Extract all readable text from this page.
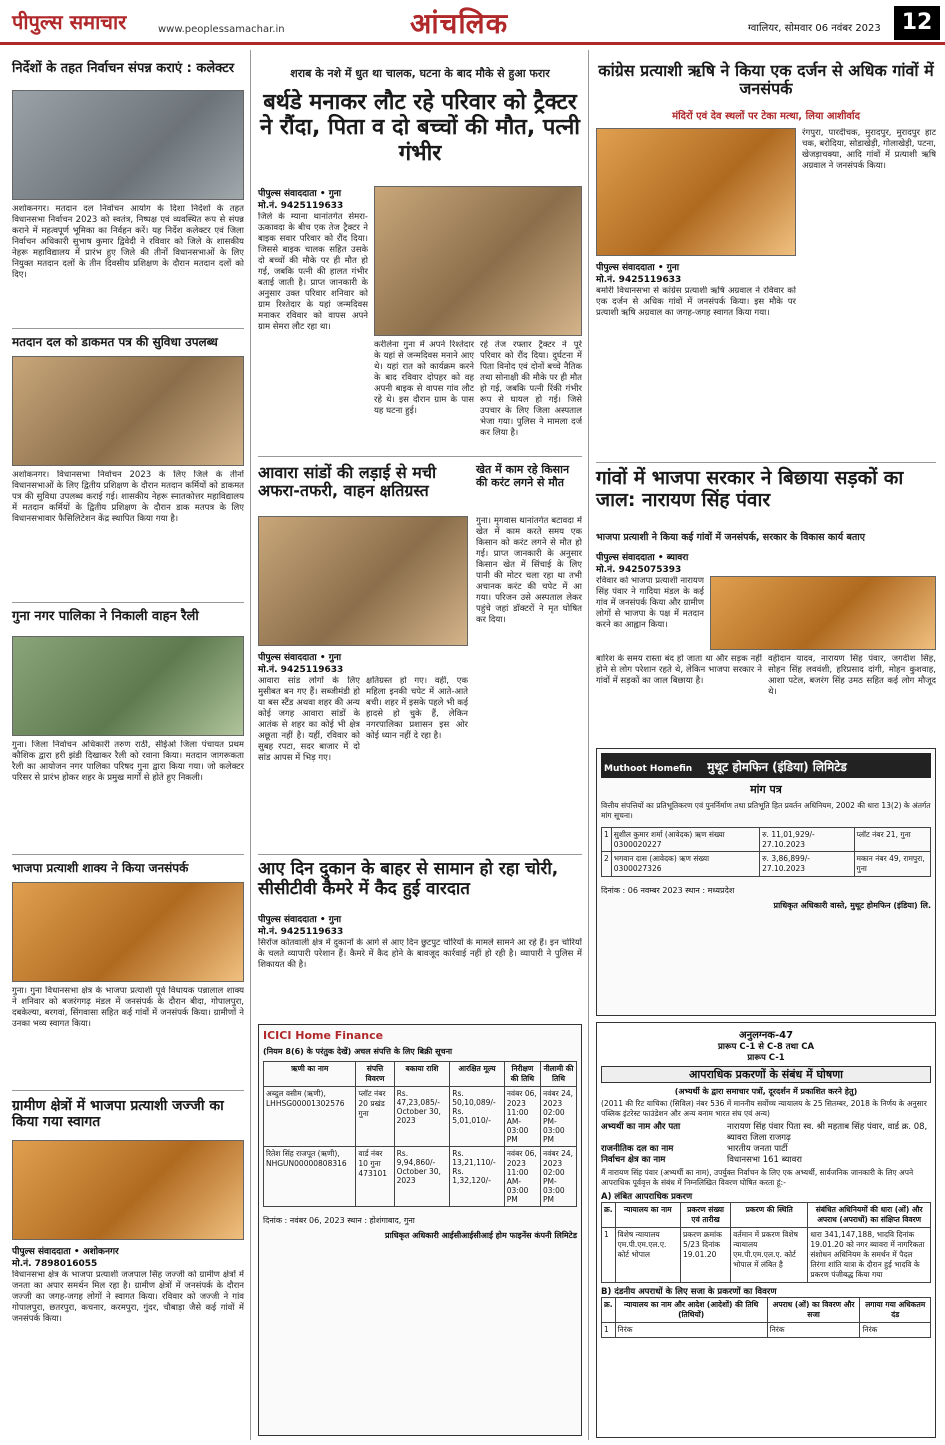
पीपुल्स समाचार	www.peoplessamachar.in	आंचलिक	ग्वालियर, सोमवार 06 नवंबर 2023 12
निर्देशों के तहत निर्वाचन संपन्न कराएं : कलेक्टर
अशोकनगर। मतदान दल निर्वाचन आयोग के दिशा निर्देशों के तहत विधानसभा निर्वाचन 2023 को स्वतंत्र, निष्पक्ष एवं व्यवस्थित रूप से संपन्न कराने में महत्वपूर्ण भूमिका का निर्वहन करें। यह निर्देश कलेक्टर एवं जिला निर्वाचन अधिकारी सुभाष कुमार द्विवेदी ने रविवार को जिले के शासकीय नेहरू महाविद्यालय में प्रारंभ हुए जिले की तीनों विधानसभाओं के लिए नियुक्त मतदान दलों के तीन दिवसीय प्रशिक्षण के दौरान मतदान दलों को दिए।
मतदान दल को डाकमत पत्र की सुविधा उपलब्ध
अशोकनगर। विधानसभा निर्वाचन 2023 के लिए जिले के तीनों विधानसभाओं के लिए द्वितीय प्रशिक्षण के दौरान मतदान कर्मियों को डाकमत पत्र की सुविधा उपलब्ध कराई गई। शासकीय नेहरू स्नातकोत्तर महाविद्यालय में मतदान कर्मियों के द्वितीय प्रशिक्षण के दौरान डाक मतपत्र के लिए विधानसभावार फैसिलिटेशन केंद्र स्थापित किया गया है।
गुना नगर पालिका ने निकाली वाहन रैली
गुना। जिला निर्वाचन अधिकारी तरुण राठी, सीईओ जिला पंचायत प्रथम कौशिक द्वारा हरी झंडी दिखाकर रैली को रवाना किया। मतदान जागरूकता रैली का आयोजन नगर पालिका परिषद गुना द्वारा किया गया। जो कलेक्टर परिसर से प्रारंभ होकर शहर के प्रमुख मार्गों से होते हुए निकली।
भाजपा प्रत्याशी शाक्य ने किया जनसंपर्क
गुना। गुना विधानसभा क्षेत्र के भाजपा प्रत्याशी पूर्व विधायक पन्नालाल शाक्य ने शनिवार को बजरंगगढ़ मंडल में जनसंपर्क के दौरान बीदा, गोपालपुरा, दबकेल्या, बरगवां, सिंगवासा सहित कई गांवों में जनसंपर्क किया। ग्रामीणों ने उनका भव्य स्वागत किया।
ग्रामीण क्षेत्रों में भाजपा प्रत्याशी जज्जी का किया गया स्वागत
पीपुल्स संवाददाता • अशोकनगर
मो.नं. 7898016055
विधानसभा क्षेत्र के भाजपा प्रत्याशी जजपाल सिंह जज्जी को ग्रामीण क्षेत्रों में जनता का अपार समर्थन मिल रहा है। ग्रामीण क्षेत्रों में जनसंपर्क के दौरान जज्जी का जगह-जगह लोगों ने स्वागत किया। रविवार को जज्जी ने गांव गोपालपुरा, छतरपुरा, कचनार, करमपुरा, गुंदर, चौबाड़ा जैसे कई गांवों में जनसंपर्क किया।
शराब के नशे में धुत था चालक, घटना के बाद मौके से हुआ फरार
बर्थडे मनाकर लौट रहे परिवार को ट्रैक्टर ने रौंदा, पिता व दो बच्चों की मौत, पत्नी गंभीर
पीपुल्स संवाददाता • गुना
मो.नं. 9425119633
जिले के म्याना थानांतर्गत सेमरा-ऊकावदा के बीच एक तेज ट्रैक्टर ने बाइक सवार परिवार को रौंद दिया। जिससे बाइक चालक सहित उसके दो बच्चों की मौके पर ही मौत हो गई, जबकि पत्नी की हालत गंभीर बताई जाती है। प्राप्त जानकारी के अनुसार उक्त परिवार शनिवार को ग्राम रिश्तेदार के यहां जन्मदिवस मनाकर रविवार को वापस अपने ग्राम सेमरा लौट रहा था।
करीलेना गुना में अपने रिश्तेदार के यहां से जन्मदिवस मनाने आए थे। यहां रात को कार्यक्रम करने के बाद रविवार दोपहर को वह अपनी बाइक से वापस गांव लौट रहे थे। इस दौरान ग्राम के पास यह घटना हुई।
रहे तेज रफ्तार ट्रैक्टर ने पूरे परिवार को रौंद दिया। दुर्घटना में पिता विनोद एवं दोनों बच्चे नैतिक तथा सोनाक्षी की मौके पर ही मौत हो गई, जबकि पत्नी रिंकी गंभीर रूप से घायल हो गई। जिसे उपचार के लिए जिला अस्पताल भेजा गया। पुलिस ने मामला दर्ज कर लिया है।
आवारा सांडों की लड़ाई से मची अफरा-तफरी, वाहन क्षतिग्रस्त
पीपुल्स संवाददाता • गुना
मो.नं. 9425119633
आवारा सांड लोगों के लिए मुसीबत बन गए हैं। सब्जीमंडी हो या बस स्टैंड अथवा शहर की अन्य कोई जगह आवारा सांडों के आतंक से शहर का कोई भी क्षेत्र अछूता नहीं है। यहीं, रविवार को सुबह रपटा, सदर बाजार में दो सांड आपस में भिड़ गए।
क्षतिग्रस्त हो गए। वहीं, एक महिला इनकी चपेट में आते-आते बची। शहर में इसके पहले भी कई हादसे हो चुके हैं, लेकिन नगरपालिका प्रशासन इस ओर कोई ध्यान नहीं दे रहा है।
खेत में काम रहे किसान की करंट लगने से मौत
गुना। मृगवास थानांतर्गत बटावदा में खेत में काम करते समय एक किसान को करंट लगने से मौत हो गई। प्राप्त जानकारी के अनुसार किसान खेत में सिंचाई के लिए पानी की मोटर चला रहा था तभी अचानक करंट की चपेट में आ गया। परिजन उसे अस्पताल लेकर पहुंचे जहां डॉक्टरों ने मृत घोषित कर दिया।
आए दिन दुकान के बाहर से सामान हो रहा चोरी, सीसीटीवी कैमरे में कैद हुई वारदात
पीपुल्स संवाददाता • गुना
मो.नं. 9425119633
सिरोंज कोतवाली क्षेत्र में दुकानों के आगे से आए दिन छुटपुट चोरियों के मामले सामने आ रहे हैं। इन चोरियों के चलते व्यापारी परेशान हैं। कैमरे में कैद होने के बावजूद कार्रवाई नहीं हो रही है। व्यापारी ने पुलिस में शिकायत की है।
ICICI Home Finance
(नियम 8(6) के परंतुक देखें) अचल संपत्ति के लिए बिक्री सूचना
ऋणी का नाम	संपत्ति विवरण	बकाया राशि	आरक्षित मूल्य	निरीक्षण की तिथि	नीलामी की तिथि
अब्दुल वसीम (ऋणी), LHHSG00001302576	प्लॉट नंबर 20 प्रखंड गुना	Rs. 47,23,085/- October 30, 2023	Rs. 50,10,089/- Rs. 5,01,010/-	नवंबर 06, 2023 11:00 AM-03:00 PM	नवंबर 24, 2023 02:00 PM-03:00 PM
रितेश सिंह राजपूत (ऋणी), NHGUN00000808316	वार्ड नंबर 10 गुना 473101	Rs. 9,94,860/- October 30, 2023	Rs. 13,21,110/- Rs. 1,32,120/-	नवंबर 06, 2023 11:00 AM-03:00 PM	नवंबर 24, 2023 02:00 PM-03:00 PM
दिनांक : नवंबर 06, 2023 स्थान : होशंगाबाद, गुना
प्राधिकृत अधिकारी आईसीआईसीआई होम फाइनेंस कंपनी लिमिटेड
कांग्रेस प्रत्याशी ऋषि ने किया एक दर्जन से अधिक गांवों में जनसंपर्क
मंदिरों एवं देव स्थलों पर टेका मत्था, लिया आशीर्वाद
पीपुल्स संवाददाता • गुना
मो.नं. 9425119633
बमोरी विधानसभा से कांग्रेस प्रत्याशी ऋषि अग्रवाल ने रविवार को एक दर्जन से अधिक गांवों में जनसंपर्क किया। इस मौके पर प्रत्याशी ऋषि अग्रवाल का जगह-जगह स्वागत किया गया।
रंगपुरा, पारदीचक, मुरादपुर, मुरादपुर हाट चक, बरोदिया, सोडाखेड़ी, गोलाखेड़ी, पटना, खेजड़ाचक्या, आदि गांवों में प्रत्याशी ऋषि अग्रवाल ने जनसंपर्क किया।
गांवों में भाजपा सरकार ने बिछाया सड़कों का जाल: नारायण सिंह पंवार
भाजपा प्रत्याशी ने किया कई गांवों में जनसंपर्क, सरकार के विकास कार्य बताए
पीपुल्स संवाददाता • ब्यावरा
मो.नं. 9425075393
रविवार को भाजपा प्रत्याशी नारायण सिंह पंवार ने गादिया मंडल के कई गांव में जनसंपर्क किया और ग्रामीण लोगों से भाजपा के पक्ष में मतदान करने का आह्वान किया।
बारिश के समय रास्ता बंद हो जाता था और सड़क नहीं होने से लोग परेशान रहते थे, लेकिन भाजपा सरकार ने गांवों में सड़कों का जाल बिछाया है।
वहीदान यादव, नारायण सिंह पंवार, जगदीश सिंह, सोहन सिंह लववंशी, हरिप्रसाद दांगी, मोहन कुशवाह, आशा पटेल, बजरंग सिंह उमठ सहित कई लोग मौजूद थे।
Muthoot Homefin मुथूट होमफिन (इंडिया) लिमिटेड
मांग पत्र
वित्तीय संपत्तियों का प्रतिभूतिकरण एवं पुनर्निर्माण तथा प्रतिभूति हित प्रवर्तन अधिनियम, 2002 की धारा 13(2) के अंतर्गत मांग सूचना।
1	सुशील कुमार शर्मा (आवेदक) ऋण संख्या 0300020227	रु. 11,01,929/- 27.10.2023	प्लॉट नंबर 21, गुना
2	भगवान दास (आवेदक) ऋण संख्या 0300027326	रु. 3,86,899/- 27.10.2023	मकान नंबर 49, रामपुरा, गुना
दिनांक : 06 नवम्बर 2023 स्थान : मध्यप्रदेश
प्राधिकृत अधिकारी वास्ते, मुथूट होमफिन (इंडिया) लि.
अनुलग्नक-47
प्रारूप C-1 से C-8 तथा CA
प्रारूप C-1
आपराधिक प्रकरणों के संबंध में घोषणा
(अभ्यर्थी के द्वारा समाचार पत्रों, दूरदर्शन में प्रकाशित करने हेतु)
(2011 की रिट याचिका (सिविल) नंबर 536 में माननीय सर्वोच्च न्यायालय के 25 सितम्बर, 2018 के निर्णय के अनुसार पब्लिक इंटरेस्ट फाउंडेशन और अन्य बनाम भारत संघ एवं अन्य)
अभ्यर्थी का नाम और पता	नारायण सिंह पंवार पिता स्व. श्री महताब सिंह पंवार, वार्ड क्र. 08, ब्यावरा जिला राजगढ़
राजनीतिक दल का नाम	भारतीय जनता पार्टी
निर्वाचन क्षेत्र का नाम	विधानसभा 161 ब्यावरा
मैं नारायण सिंह पंवार (अभ्यर्थी का नाम), उपर्युक्त निर्वाचन के लिए एक अभ्यर्थी, सार्वजनिक जानकारी के लिए अपने आपराधिक पूर्ववृत्त के संबंध में निम्नलिखित विवरण घोषित करता हूं:-
A) लंबित आपराधिक प्रकरण
क्र.	न्यायालय का नाम	प्रकरण संख्या एवं तारीख	प्रकरण की स्थिति	संबंधित अधिनियमों की धारा (ओं) और अपराध (अपराधों) का संक्षिप्त विवरण
1	विशेष न्यायालय एम.पी.एम.एल.ए. कोर्ट भोपाल	प्रकरण क्रमांक 5/23 दिनांक 19.01.20	वर्तमान में प्रकरण विशेष न्यायालय एम.पी.एम.एल.ए. कोर्ट भोपाल में लंबित है	धारा 341,147,188, भादवि दिनांक 19.01.20 को नगर ब्यावरा में नागरिकता संशोधन अधिनियम के समर्थन में पैदल तिरंगा शांति यात्रा के दौरान हुई भादवि के प्रकरण पंजीबद्ध किया गया
B) दंडनीय अपराधों के लिए सजा के प्रकरणों का विवरण
क्र.	न्यायालय का नाम और आदेश (आदेशों) की तिथि (तिथियों)	अपराध (ओं) का विवरण और सजा	लगाया गया अधिकतम दंड
1	निरंक	निरंक	निरंक
